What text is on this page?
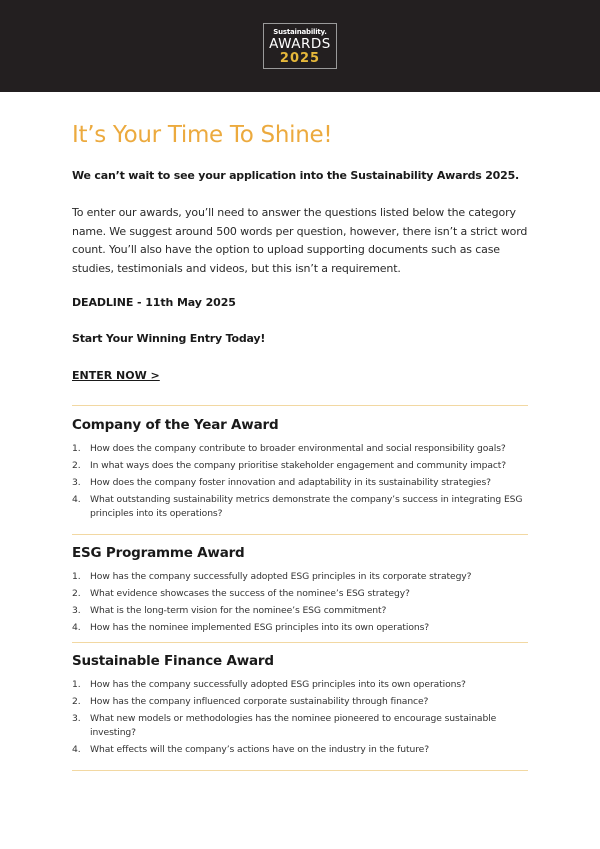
Sustainability.
AWARDS
2025
It’s Your Time To Shine!

We can’t wait to see your application into the Sustainability Awards 2025.

To enter our awards, you’ll need to answer the questions listed below the category name. We suggest around 500 words per question, however, there isn’t a strict word count. You’ll also have the option to upload supporting documents such as case studies, testimonials and videos, but this isn’t a requirement.

DEADLINE - 11th May 2025

Start Your Winning Entry Today!

ENTER NOW >
Company of the Year Award
1.	How does the company contribute to broader environmental and social responsibility goals?
2.	In what ways does the company prioritise stakeholder engagement and community impact?
3.	How does the company foster innovation and adaptability in its sustainability strategies?
4.	What outstanding sustainability metrics demonstrate the company’s success in integrating ESG principles into its operations?
ESG Programme Award
1.	How has the company successfully adopted ESG principles in its corporate strategy?
2.	What evidence showcases the success of the nominee’s ESG strategy?
3.	What is the long-term vision for the nominee’s ESG commitment?
4.	How has the nominee implemented ESG principles into its own operations?
Sustainable Finance Award
1.	How has the company successfully adopted ESG principles into its own operations?
2.	How has the company influenced corporate sustainability through finance?
3.	What new models or methodologies has the nominee pioneered to encourage sustainable investing?
4.	What effects will the company’s actions have on the industry in the future?
